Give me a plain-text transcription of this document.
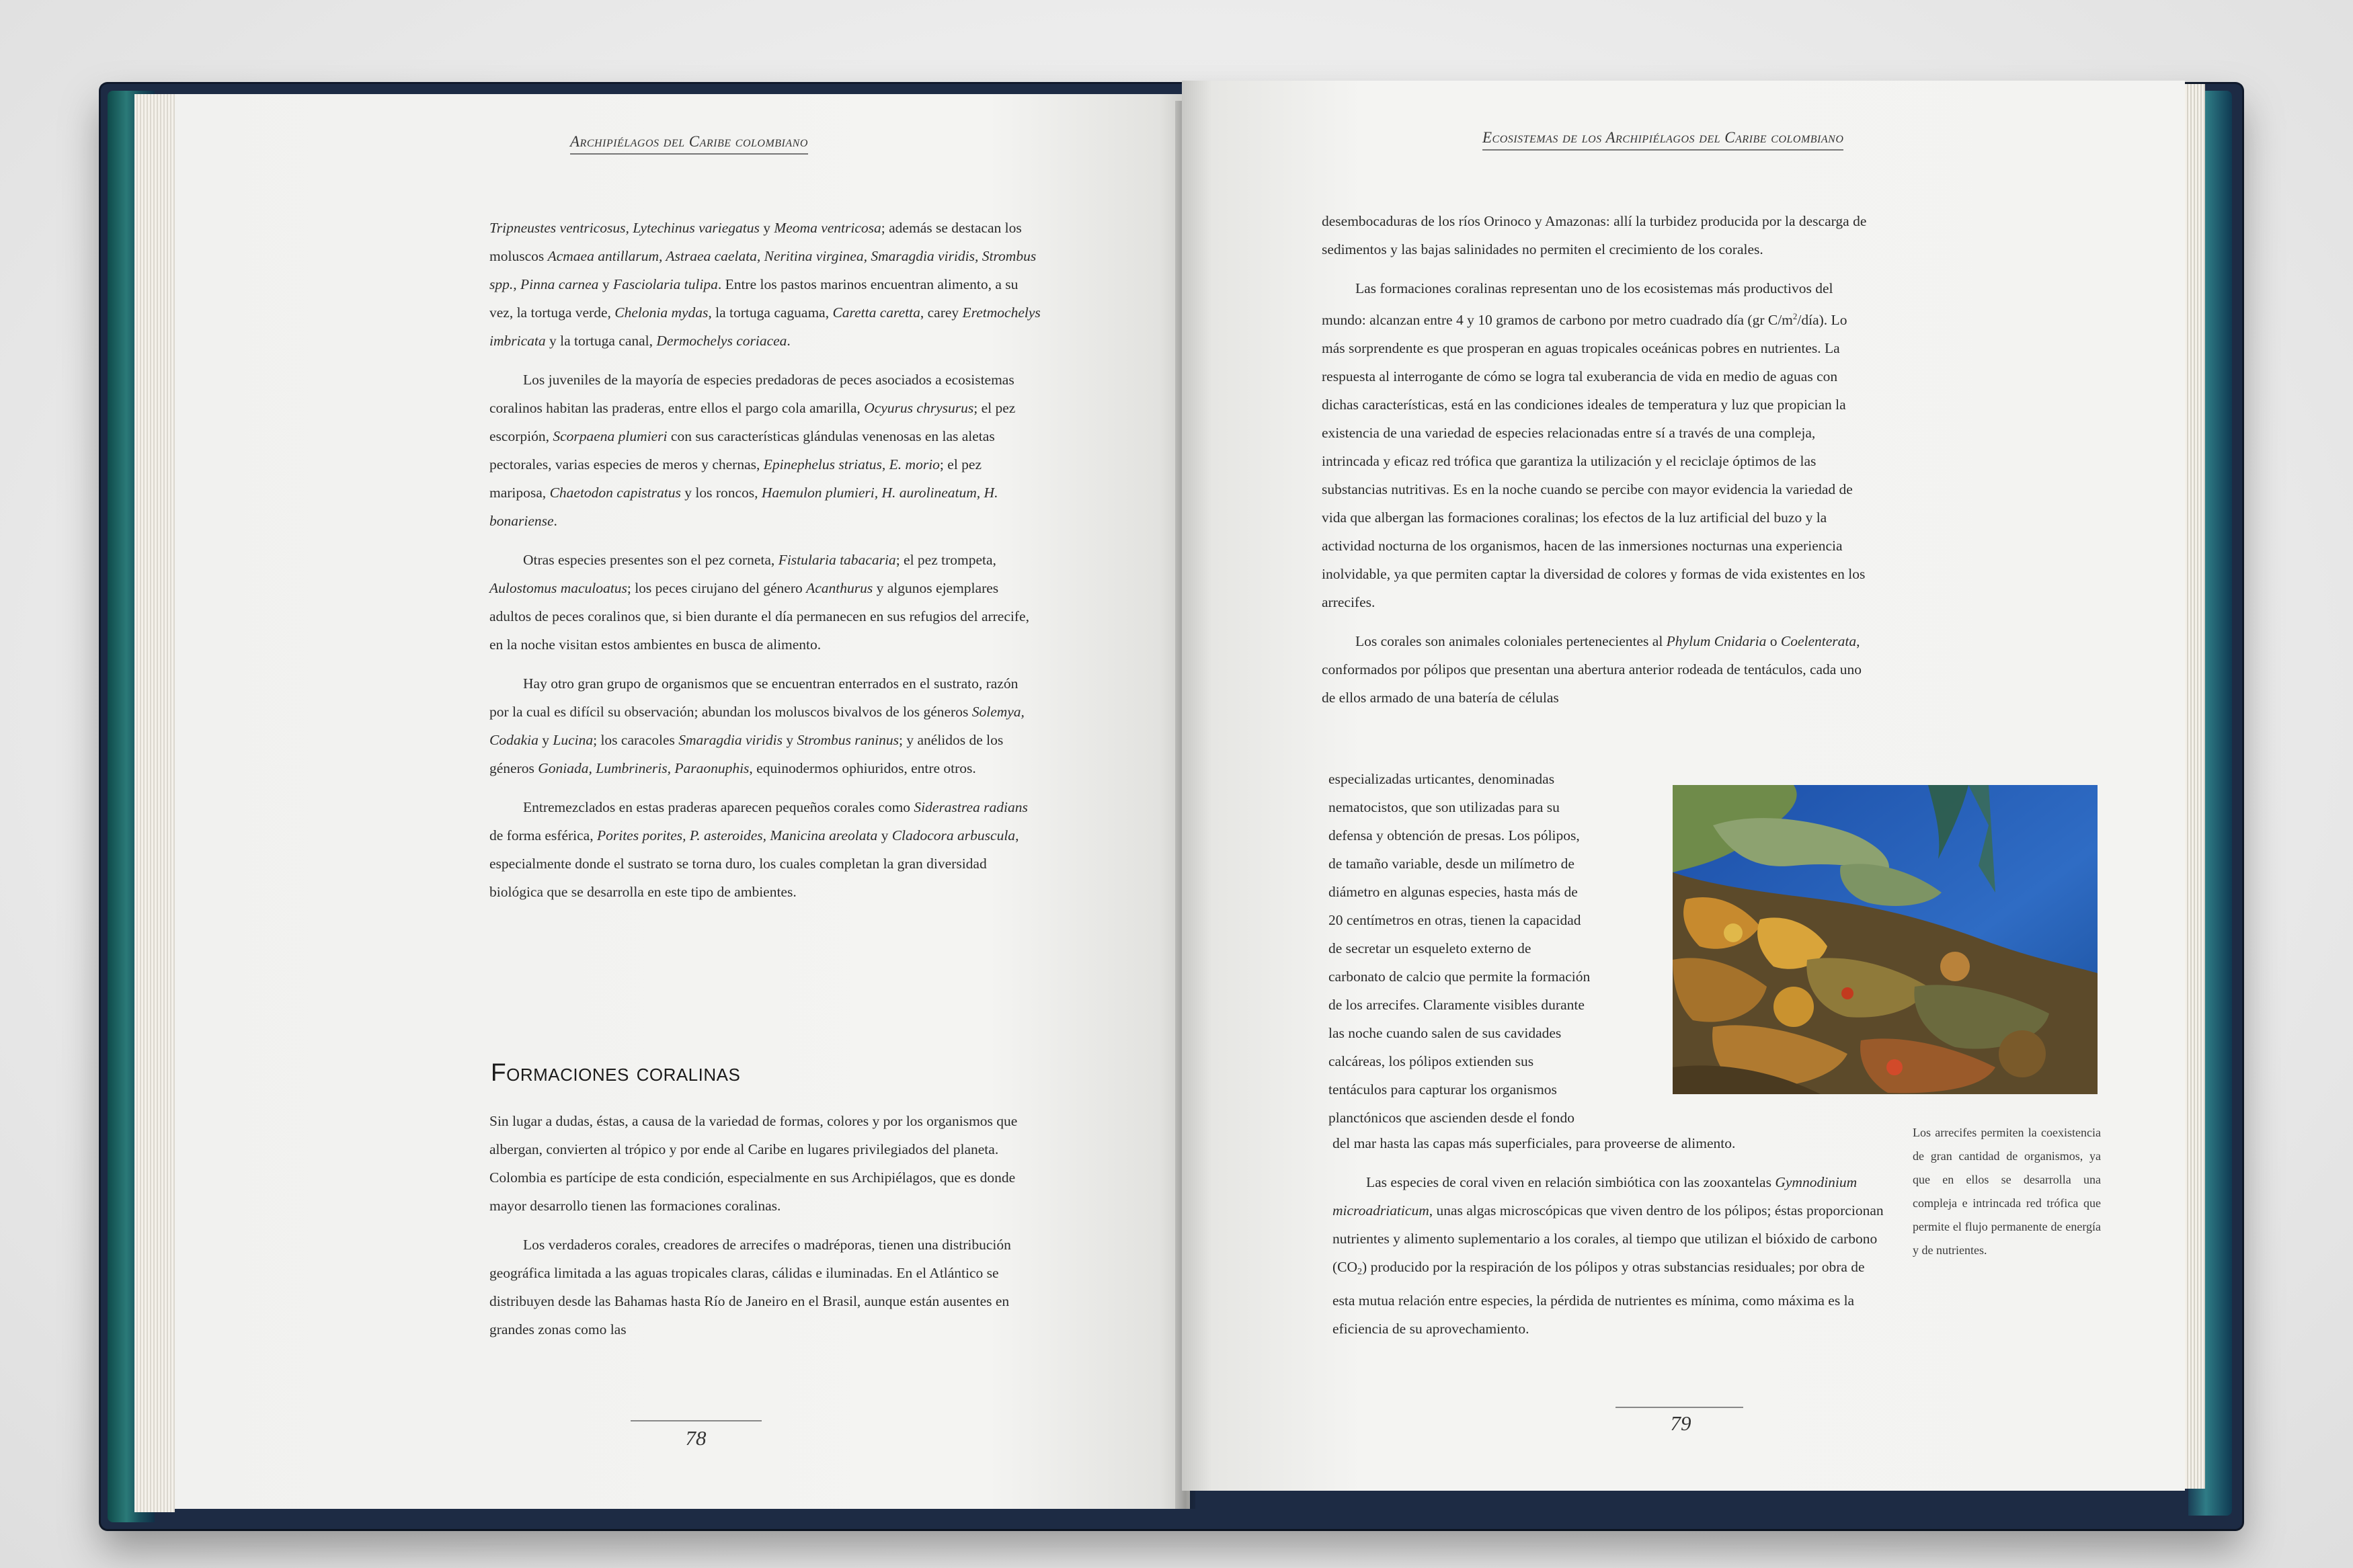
Archipiélagos del Caribe colombiano

Tripneustes ventricosus, Lytechinus variegatus y Meoma ventricosa; además se destacan los moluscos Acmaea antillarum, Astraea caelata, Neritina virginea, Smaragdia viridis, Strombus spp., Pinna carnea y Fasciolaria tulipa. Entre los pastos marinos encuentran alimento, a su vez, la tortuga verde, Chelonia mydas, la tortuga caguama, Caretta caretta, carey Eretmochelys imbricata y la tortuga canal, Dermochelys coriacea.

Los juveniles de la mayoría de especies predadoras de peces asociados a ecosistemas coralinos habitan las praderas, entre ellos el pargo cola amarilla, Ocyurus chrysurus; el pez escorpión, Scorpaena plumieri con sus características glándulas venenosas en las aletas pectorales, varias especies de meros y chernas, Epinephelus striatus, E. morio; el pez mariposa, Chaetodon capistratus y los roncos, Haemulon plumieri, H. aurolineatum, H. bonariense.

Otras especies presentes son el pez corneta, Fistularia tabacaria; el pez trompeta, Aulostomus maculoatus; los peces cirujano del género Acanthurus y algunos ejemplares adultos de peces coralinos que, si bien durante el día permanecen en sus refugios del arrecife, en la noche visitan estos ambientes en busca de alimento.

Hay otro gran grupo de organismos que se encuentran enterrados en el sustrato, razón por la cual es difícil su observación; abundan los moluscos bivalvos de los géneros Solemya, Codakia y Lucina; los caracoles Smaragdia viridis y Strombus raninus; y anélidos de los géneros Goniada, Lumbrineris, Paraonuphis, equinodermos ophiuridos, entre otros.

Entremezclados en estas praderas aparecen pequeños corales como Siderastrea radians de forma esférica, Porites porites, P. asteroides, Manicina areolata y Cladocora arbuscula, especialmente donde el sustrato se torna duro, los cuales completan la gran diversidad biológica que se desarrolla en este tipo de ambientes.

Formaciones coralinas

Sin lugar a dudas, éstas, a causa de la variedad de formas, colores y por los organismos que albergan, convierten al trópico y por ende al Caribe en lugares privilegiados del planeta. Colombia es partícipe de esta condición, especialmente en sus Archipiélagos, que es donde mayor desarrollo tienen las formaciones coralinas.

Los verdaderos corales, creadores de arrecifes o madréporas, tienen una distribución geográfica limitada a las aguas tropicales claras, cálidas e iluminadas. En el Atlántico se distribuyen desde las Bahamas hasta Río de Janeiro en el Brasil, aunque están ausentes en grandes zonas como las

78
Ecosistemas de los Archipiélagos del Caribe colombiano

desembocaduras de los ríos Orinoco y Amazonas: allí la turbidez producida por la descarga de sedimentos y las bajas salinidades no permiten el crecimiento de los corales.

Las formaciones coralinas representan uno de los ecosistemas más productivos del mundo: alcanzan entre 4 y 10 gramos de carbono por metro cuadrado día (gr $C/m^2/día$). Lo más sorprendente es que prosperan en aguas tropicales oceánicas pobres en nutrientes. La respuesta al interrogante de cómo se logra tal exuberancia de vida en medio de aguas con dichas características, está en las condiciones ideales de temperatura y luz que propician la existencia de una variedad de especies relacionadas entre sí a través de una compleja, intrincada y eficaz red trófica que garantiza la utilización y el reciclaje óptimos de las substancias nutritivas. Es en la noche cuando se percibe con mayor evidencia la variedad de vida que albergan las formaciones coralinas; los efectos de la luz artificial del buzo y la actividad nocturna de los organismos, hacen de las inmersiones nocturnas una experiencia inolvidable, ya que permiten captar la diversidad de colores y formas de vida existentes en los arrecifes.

Los corales son animales coloniales pertenecientes al Phylum Cnidaria o Coelenterata, conformados por pólipos que presentan una abertura anterior rodeada de tentáculos, cada uno de ellos armado de una batería de células

especializadas urticantes, denominadas
nematocistos, que son utilizadas para su
defensa y obtención de presas. Los pólipos,
de tamaño variable, desde un milímetro de
diámetro en algunas especies, hasta más de
20 centímetros en otras, tienen la capacidad
de secretar un esqueleto externo de
carbonato de calcio que permite la formación
de los arrecifes. Claramente visibles durante
las noche cuando salen de sus cavidades
calcáreas, los pólipos extienden sus
tentáculos para capturar los organismos
planctónicos que ascienden desde el fondo

del mar hasta las capas más superficiales, para proveerse de alimento.

Las especies de coral viven en relación simbiótica con las zooxantelas Gymnodinium microadriaticum, unas algas microscópicas que viven dentro de los pólipos; éstas proporcionan nutrientes y alimento suplementario a los corales, al tiempo que utilizan el bióxido de carbono $(CO_2)$ producido por la respiración de los pólipos y otras substancias residuales; por obra de esta mutua relación entre especies, la pérdida de nutrientes es mínima, como máxima es la eficiencia de su aprovechamiento.

Los arrecifes permiten la coexistencia de gran cantidad de organismos, ya que en ellos se desarrolla una compleja e intrincada red trófica que permite el flujo permanente de energía y de nutrientes.
79
